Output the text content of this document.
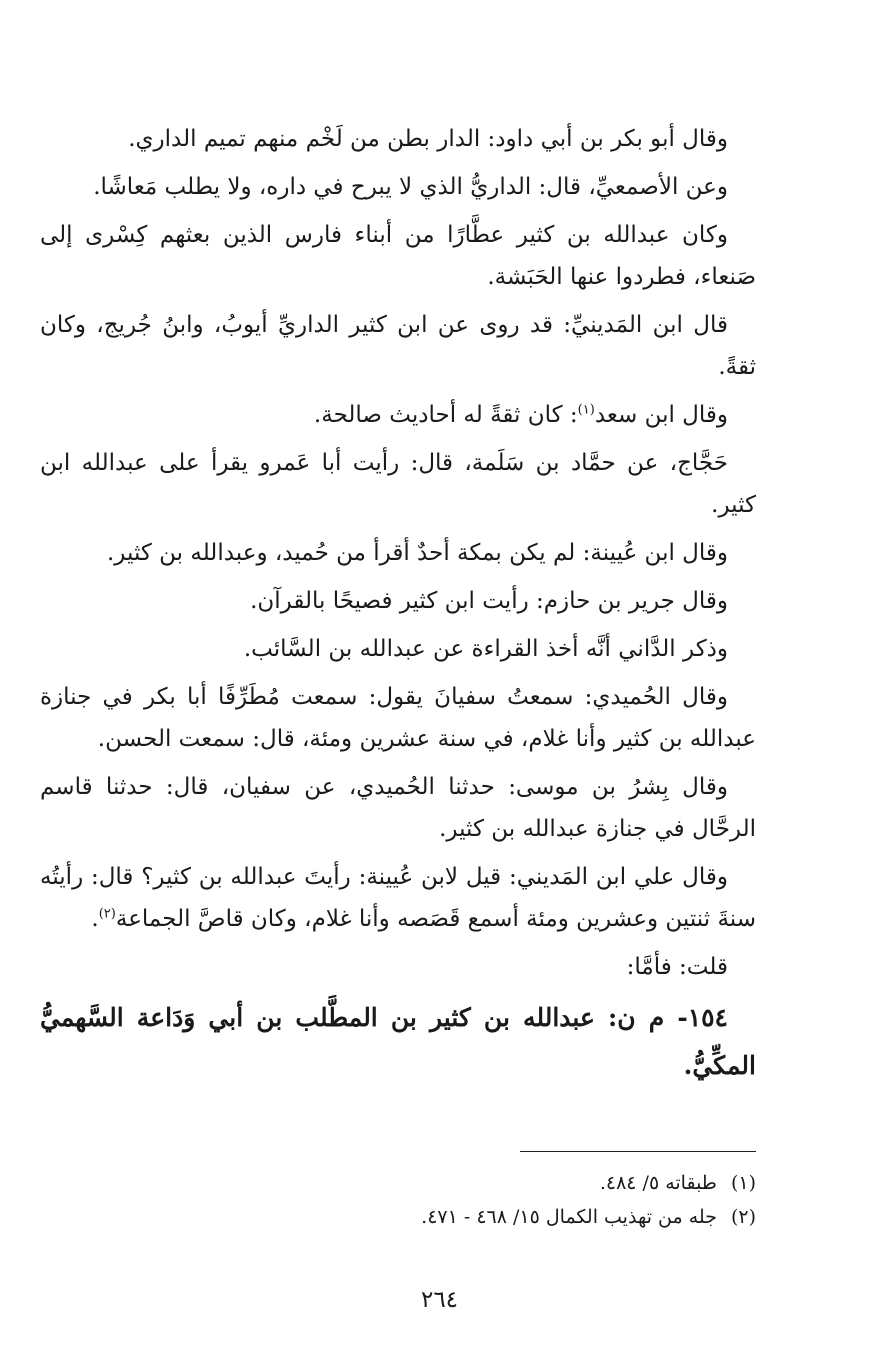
وقال أبو بكر بن أبي داود: الدار بطن من لَخْم منهم تميم الداري.

وعن الأصمعيِّ، قال: الداريُّ الذي لا يبرح في داره، ولا يطلب مَعاشًا.

وكان عبدالله بن كثير عطَّارًا من أبناء فارس الذين بعثهم كِسْرى إلى صَنعاء، فطردوا عنها الحَبَشة.

قال ابن المَدينيِّ: قد روى عن ابن كثير الداريِّ أيوبُ، وابنُ جُريج، وكان ثقةً.

وقال ابن سعد$^{(١)}$: كان ثقةً له أحاديث صالحة.

حَجَّاج، عن حمَّاد بن سَلَمة، قال: رأيت أبا عَمرو يقرأ على عبدالله ابن كثير.

وقال ابن عُيينة: لم يكن بمكة أحدٌ أقرأ من حُميد، وعبدالله بن كثير.

وقال جرير بن حازم: رأيت ابن كثير فصيحًا بالقرآن.

وذكر الدَّاني أنَّه أخذ القراءة عن عبدالله بن السَّائب.

وقال الحُميدي: سمعتُ سفيانَ يقول: سمعت مُطَرِّفًا أبا بكر في جنازة عبدالله بن كثير وأنا غلام، في سنة عشرين ومئة، قال: سمعت الحسن.

وقال بِشرُ بن موسى: حدثنا الحُميدي، عن سفيان، قال: حدثنا قاسم الرحَّال في جنازة عبدالله بن كثير.

وقال علي ابن المَديني: قيل لابن عُيينة: رأيتَ عبدالله بن كثير؟ قال: رأيتُه سنةَ ثنتين وعشرين ومئة أسمع قَصَصه وأنا غلام، وكان قاصَّ الجماعة$^{(٢)}$.

قلت: فأمَّا:

١٥٤- م ن: عبدالله بن كثير بن المطَّلب بن أبي وَدَاعة السَّهميُّ المكِّيُّ.

(١)طبقاته ٥/ ٤٨٤.
(٢)جله من تهذيب الكمال ١٥/ ٤٦٨ - ٤٧١.
٢٦٤
